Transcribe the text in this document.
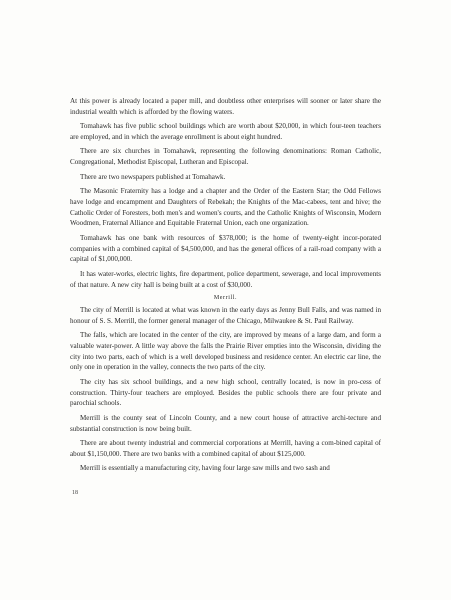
At this power is already located a paper mill, and doubtless other enterprises will sooner or later share the industrial wealth which is afforded by the flowing waters.

Tomahawk has five public school buildings which are worth about $20,000, in which four-teen teachers are employed, and in which the average enrollment is about eight hundred.

There are six churches in Tomahawk, representing the following denominations: Roman Catholic, Congregational, Methodist Episcopal, Lutheran and Episcopal.

There are two newspapers published at Tomahawk.

The Masonic Fraternity has a lodge and a chapter and the Order of the Eastern Star; the Odd Fellows have lodge and encampment and Daughters of Rebekah; the Knights of the Mac-cabees, tent and hive; the Catholic Order of Foresters, both men's and women's courts, and the Catholic Knights of Wisconsin, Modern Woodmen, Fraternal Alliance and Equitable Fraternal Union, each one organization.

Tomahawk has one bank with resources of $378,000; is the home of twenty-eight incor-porated companies with a combined capital of $4,500,000, and has the general offices of a rail-road company with a capital of $1,000,000.

It has water-works, electric lights, fire department, police department, sewerage, and local improvements of that nature. A new city hall is being built at a cost of $30,000.

Merrill.

The city of Merrill is located at what was known in the early days as Jenny Bull Falls, and was named in honour of S. S. Merrill, the former general manager of the Chicago, Milwaukee & St. Paul Railway.

The falls, which are located in the center of the city, are improved by means of a large dam, and form a valuable water-power. A little way above the falls the Prairie River empties into the Wisconsin, dividing the city into two parts, each of which is a well developed business and residence center. An electric car line, the only one in operation in the valley, connects the two parts of the city.

The city has six school buildings, and a new high school, centrally located, is now in pro-cess of construction. Thirty-four teachers are employed. Besides the public schools there are four private and parochial schools.

Merrill is the county seat of Lincoln County, and a new court house of attractive archi-tecture and substantial construction is now being built.

There are about twenty industrial and commercial corporations at Merrill, having a com-bined capital of about $1,150,000. There are two banks with a combined capital of about $125,000.

Merrill is essentially a manufacturing city, having four large saw mills and two sash and

18
